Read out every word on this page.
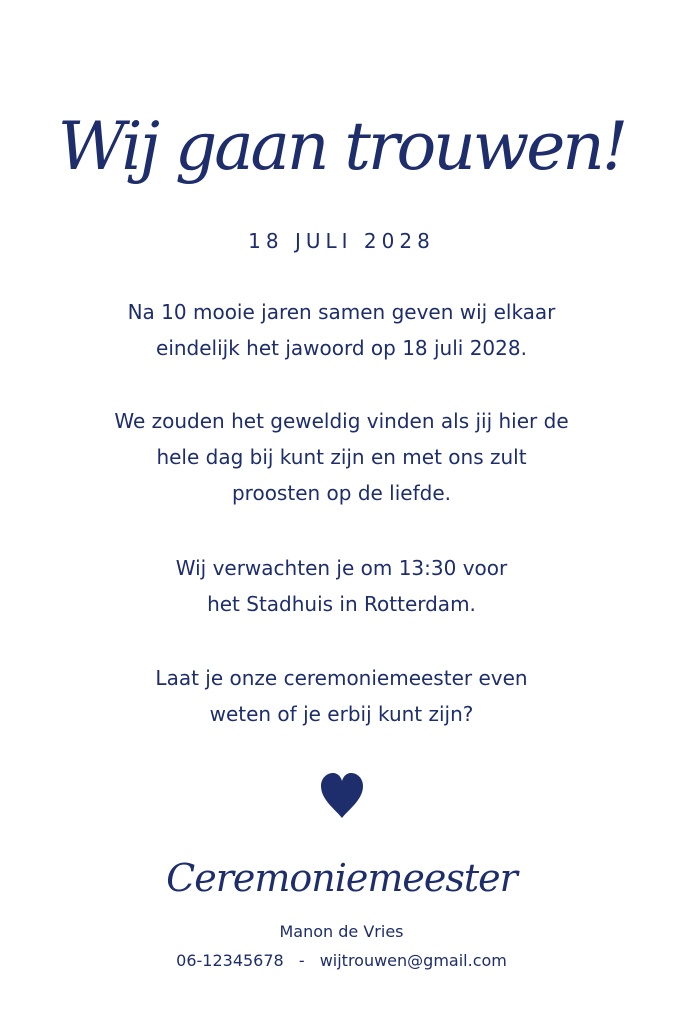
Wij gaan trouwen!
18 JULI 2028
Na 10 mooie jaren samen geven wij elkaar
eindelijk het jawoord op 18 juli 2028.
We zouden het geweldig vinden als jij hier de
hele dag bij kunt zijn en met ons zult
proosten op de liefde.
Wij verwachten je om 13:30 voor
het Stadhuis in Rotterdam.
Laat je onze ceremoniemeester even
weten of je erbij kunt zijn?
Ceremoniemeester
Manon de Vries
06-12345678 - wijtrouwen@gmail.com
